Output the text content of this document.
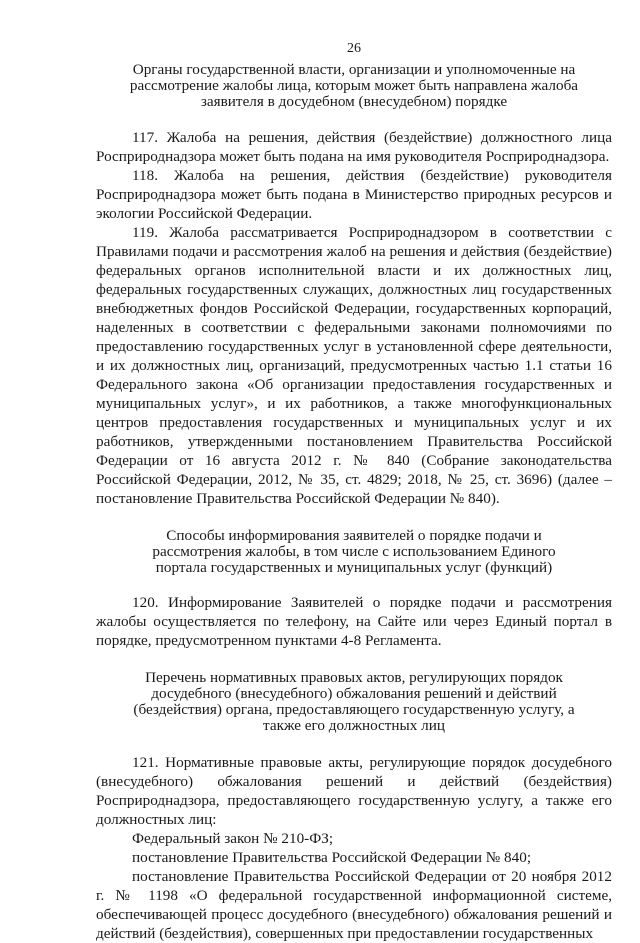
26

Органы государственной власти, организации и уполномоченные на рассмотрение жалобы лица, которым может быть направлена жалоба заявителя в досудебном (внесудебном) порядке

117. Жалоба на решения, действия (бездействие) должностного лица Росприроднадзора может быть подана на имя руководителя Росприроднадзора.

118. Жалоба на решения, действия (бездействие) руководителя Росприроднадзора может быть подана в Министерство природных ресурсов и экологии Российской Федерации.

119. Жалоба рассматривается Росприроднадзором в соответствии с Правилами подачи и рассмотрения жалоб на решения и действия (бездействие) федеральных органов исполнительной власти и их должностных лиц, федеральных государственных служащих, должностных лиц государственных внебюджетных фондов Российской Федерации, государственных корпораций, наделенных в соответствии с федеральными законами полномочиями по предоставлению государственных услуг в установленной сфере деятельности, и их должностных лиц, организаций, предусмотренных частью 1.1 статьи 16 Федерального закона «Об организации предоставления государственных и муниципальных услуг», и их работников, а также многофункциональных центров предоставления государственных и муниципальных услуг и их работников, утвержденными постановлением Правительства Российской Федерации от 16 августа 2012 г. № 840 (Собрание законодательства Российской Федерации, 2012, № 35, ст. 4829; 2018, № 25, ст. 3696) (далее – постановление Правительства Российской Федерации № 840).

Способы информирования заявителей о порядке подачи и рассмотрения жалобы, в том числе с использованием Единого портала государственных и муниципальных услуг (функций)

120. Информирование Заявителей о порядке подачи и рассмотрения жалобы осуществляется по телефону, на Сайте или через Единый портал в порядке, предусмотренном пунктами 4-8 Регламента.

Перечень нормативных правовых актов, регулирующих порядок досудебного (внесудебного) обжалования решений и действий (бездействия) органа, предоставляющего государственную услугу, а также его должностных лиц

121. Нормативные правовые акты, регулирующие порядок досудебного (внесудебного) обжалования решений и действий (бездействия) Росприроднадзора, предоставляющего государственную услугу, а также его должностных лиц:

Федеральный закон № 210-ФЗ;

постановление Правительства Российской Федерации № 840;

постановление Правительства Российской Федерации от 20 ноября 2012 г. № 1198 «О федеральной государственной информационной системе, обеспечивающей процесс досудебного (внесудебного) обжалования решений и действий (бездействия), совершенных при предоставлении государственных
